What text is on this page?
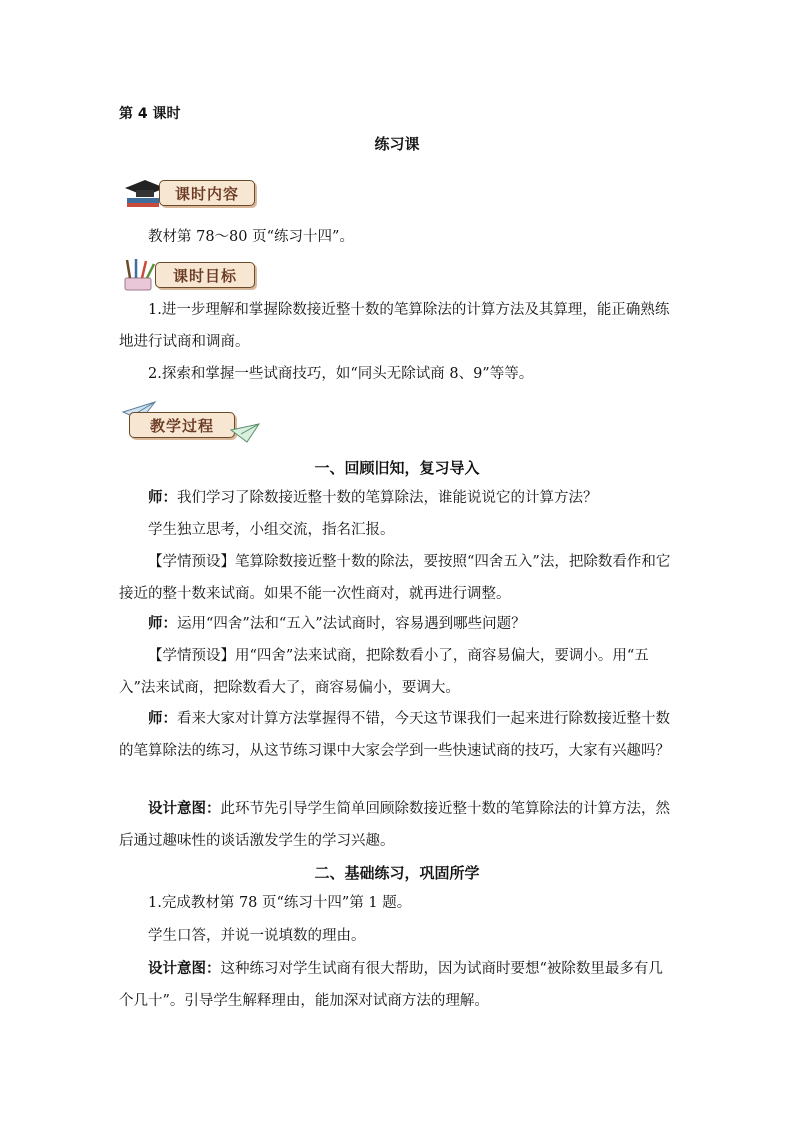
第 4 课时
练习课
课时内容
教材第 78～80 页“练习十四”。
课时目标
1.进一步理解和掌握除数接近整十数的笔算除法的计算方法及其算理，能正确熟练地进行试商和调商。
2.探索和掌握一些试商技巧，如“同头无除试商 8、9”等等。
教学过程
一、回顾旧知，复习导入
师：我们学习了除数接近整十数的笔算除法，谁能说说它的计算方法？
学生独立思考，小组交流，指名汇报。
【学情预设】笔算除数接近整十数的除法，要按照“四舍五入”法，把除数看作和它接近的整十数来试商。如果不能一次性商对，就再进行调整。
师：运用“四舍”法和“五入”法试商时，容易遇到哪些问题？
【学情预设】用“四舍”法来试商，把除数看小了，商容易偏大，要调小。用“五入”法来试商，把除数看大了，商容易偏小，要调大。
师：看来大家对计算方法掌握得不错，今天这节课我们一起来进行除数接近整十数的笔算除法的练习，从这节练习课中大家会学到一些快速试商的技巧，大家有兴趣吗？
设计意图：此环节先引导学生简单回顾除数接近整十数的笔算除法的计算方法，然后通过趣味性的谈话激发学生的学习兴趣。
二、基础练习，巩固所学
1.完成教材第 78 页“练习十四”第 1 题。
学生口答，并说一说填数的理由。
设计意图：这种练习对学生试商有很大帮助，因为试商时要想“被除数里最多有几个几十”。引导学生解释理由，能加深对试商方法的理解。
